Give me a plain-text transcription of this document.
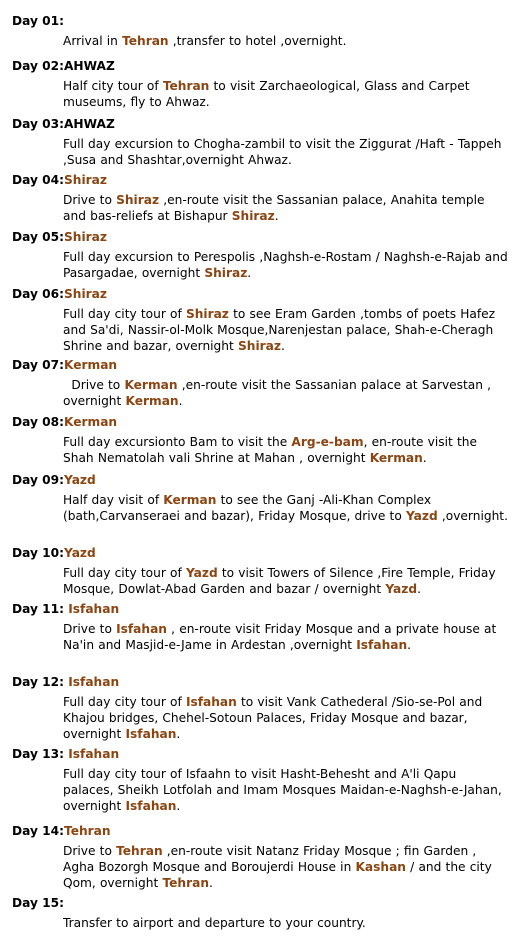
Day 01:
Arrival in Tehran ,transfer to hotel ,overnight.
Day 02:AHWAZ
Half city tour of Tehran to visit Zarchaeological, Glass and Carpet museums, fly to Ahwaz.
Day 03:AHWAZ
Full day excursion to Chogha-zambil to visit the Ziggurat /Haft - Tappeh ,Susa and Shashtar,overnight Ahwaz.
Day 04:Shiraz
Drive to Shiraz ,en-route visit the Sassanian palace, Anahita temple and bas-reliefs at Bishapur Shiraz.
Day 05:Shiraz
Full day excursion to Perespolis ,Naghsh-e-Rostam / Naghsh-e-Rajab and Pasargadae, overnight Shiraz.
Day 06:Shiraz
Full day city tour of Shiraz to see Eram Garden ,tombs of poets Hafez and Sa'di, Nassir-ol-Molk Mosque,Narenjestan palace, Shah-e-Cheragh Shrine and bazar, overnight Shiraz.
Day 07:Kerman
Drive to Kerman ,en-route visit the Sassanian palace at Sarvestan , overnight Kerman.
Day 08:Kerman
Full day excursionto Bam to visit the Arg-e-bam, en-route visit the Shah Nematolah vali Shrine at Mahan , overnight Kerman.
Day 09:Yazd
Half day visit of Kerman to see the Ganj -Ali-Khan Complex (bath,Carvanseraei and bazar), Friday Mosque, drive to Yazd ,overnight.
Day 10:Yazd
Full day city tour of Yazd to visit Towers of Silence ,Fire Temple, Friday Mosque, Dowlat-Abad Garden and bazar / overnight Yazd.
Day 11: Isfahan
Drive to Isfahan , en-route visit Friday Mosque and a private house at Na'in and Masjid-e-Jame in Ardestan ,overnight Isfahan.
Day 12: Isfahan
Full day city tour of Isfahan to visit Vank Cathederal /Sio-se-Pol and Khajou bridges, Chehel-Sotoun Palaces, Friday Mosque and bazar, overnight Isfahan.
Day 13: Isfahan
Full day city tour of Isfaahn to visit Hasht-Behesht and A'li Qapu palaces, Sheikh Lotfolah and Imam Mosques Maidan-e-Naghsh-e-Jahan, overnight Isfahan.
Day 14:Tehran
Drive to Tehran ,en-route visit Natanz Friday Mosque ; fin Garden , Agha Bozorgh Mosque and Boroujerdi House in Kashan / and the city Qom, overnight Tehran.
Day 15:
Transfer to airport and departure to your country.
